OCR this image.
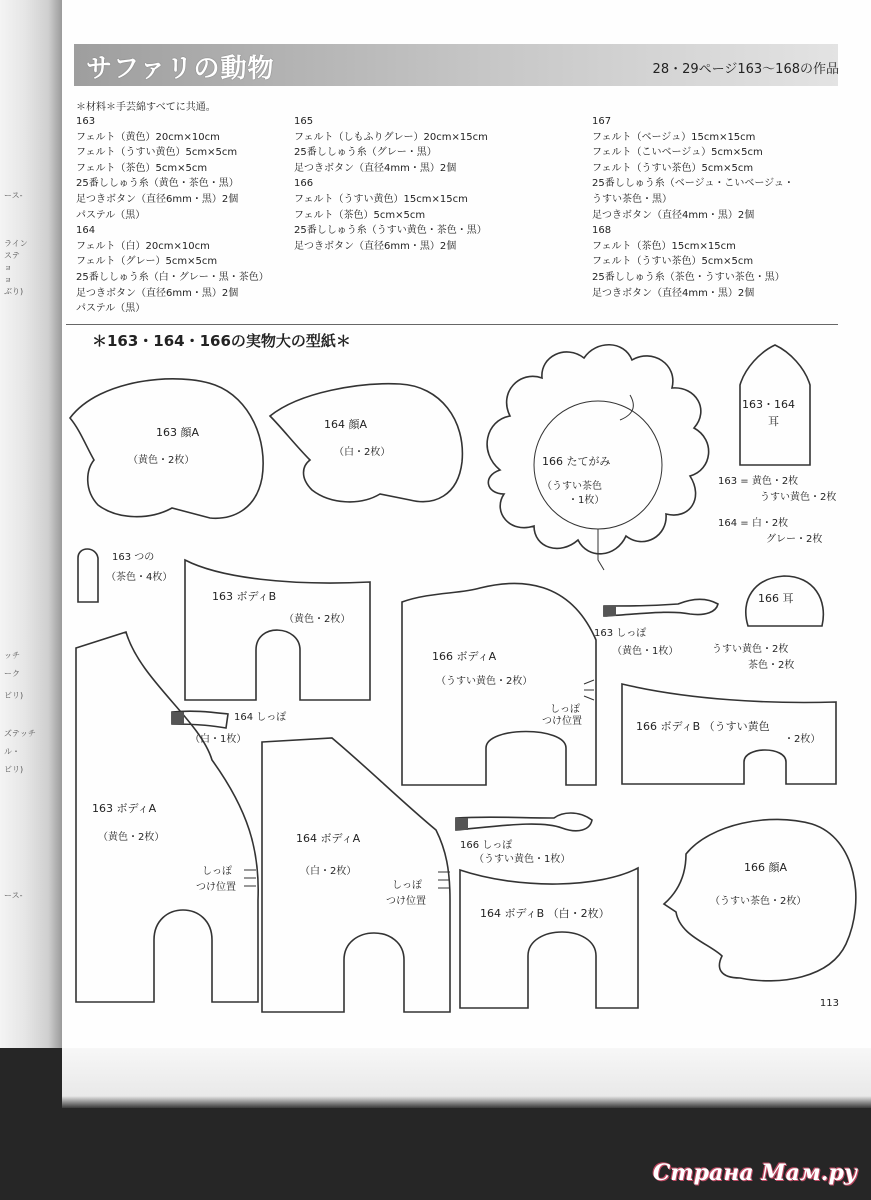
ース-
ライン
ステ
ョ
ョ
ぶり)
ッチ
ーク
ビリ)
ズテッチ
ル・
ビリ)
ース-
サファリの動物	28・29ページ163〜168の作品
＊材料＊手芸綿すべてに共通。
163
フェルト（黄色）20cm×10cm
フェルト（うすい黄色）5cm×5cm
フェルト（茶色）5cm×5cm
25番ししゅう糸（黄色・茶色・黒）
足つきボタン（直径6mm・黒）2個
パステル（黒）
164
フェルト（白）20cm×10cm
フェルト（グレー）5cm×5cm
25番ししゅう糸（白・グレー・黒・茶色）
足つきボタン（直径6mm・黒）2個
パステル（黒）
165
フェルト（しもふりグレー）20cm×15cm
25番ししゅう糸（グレー・黒）
足つきボタン（直径4mm・黒）2個
166
フェルト（うすい黄色）15cm×15cm
フェルト（茶色）5cm×5cm
25番ししゅう糸（うすい黄色・茶色・黒）
足つきボタン（直径6mm・黒）2個
167
フェルト（ベージュ）15cm×15cm
フェルト（こいベージュ）5cm×5cm
フェルト（うすい茶色）5cm×5cm
25番ししゅう糸（ベージュ・こいベージュ・
うすい茶色・黒）
足つきボタン（直径4mm・黒）2個
168
フェルト（茶色）15cm×15cm
フェルト（うすい茶色）5cm×5cm
25番ししゅう糸（茶色・うすい茶色・黒）
足つきボタン（直径4mm・黒）2個
＊163・164・166の実物大の型紙＊
163 顔A
（黄色・2枚）
164 顔A
（白・2枚）
166 たてがみ
（うすい茶色
・1枚）
163・164
耳
163 = 黄色・2枚
うすい黄色・2枚
164 = 白・2枚
グレー・2枚
163 つの
（茶色・4枚）
163 ボディB
（黄色・2枚）
166 ボディA
（うすい黄色・2枚）
しっぽ
つけ位置
163 しっぽ
（黄色・1枚）
166 耳
うすい黄色・2枚
茶色・2枚
163 ボディA
（黄色・2枚）
しっぽ
つけ位置
164 しっぽ
（白・1枚）
166 ボディB （うすい黄色
・2枚）
164 ボディA
（白・2枚）
しっぽ
つけ位置
166 しっぽ
（うすい黄色・1枚）
164 ボディB （白・2枚）
166 顔A
（うすい茶色・2枚）
113
Страна Мам.ру
